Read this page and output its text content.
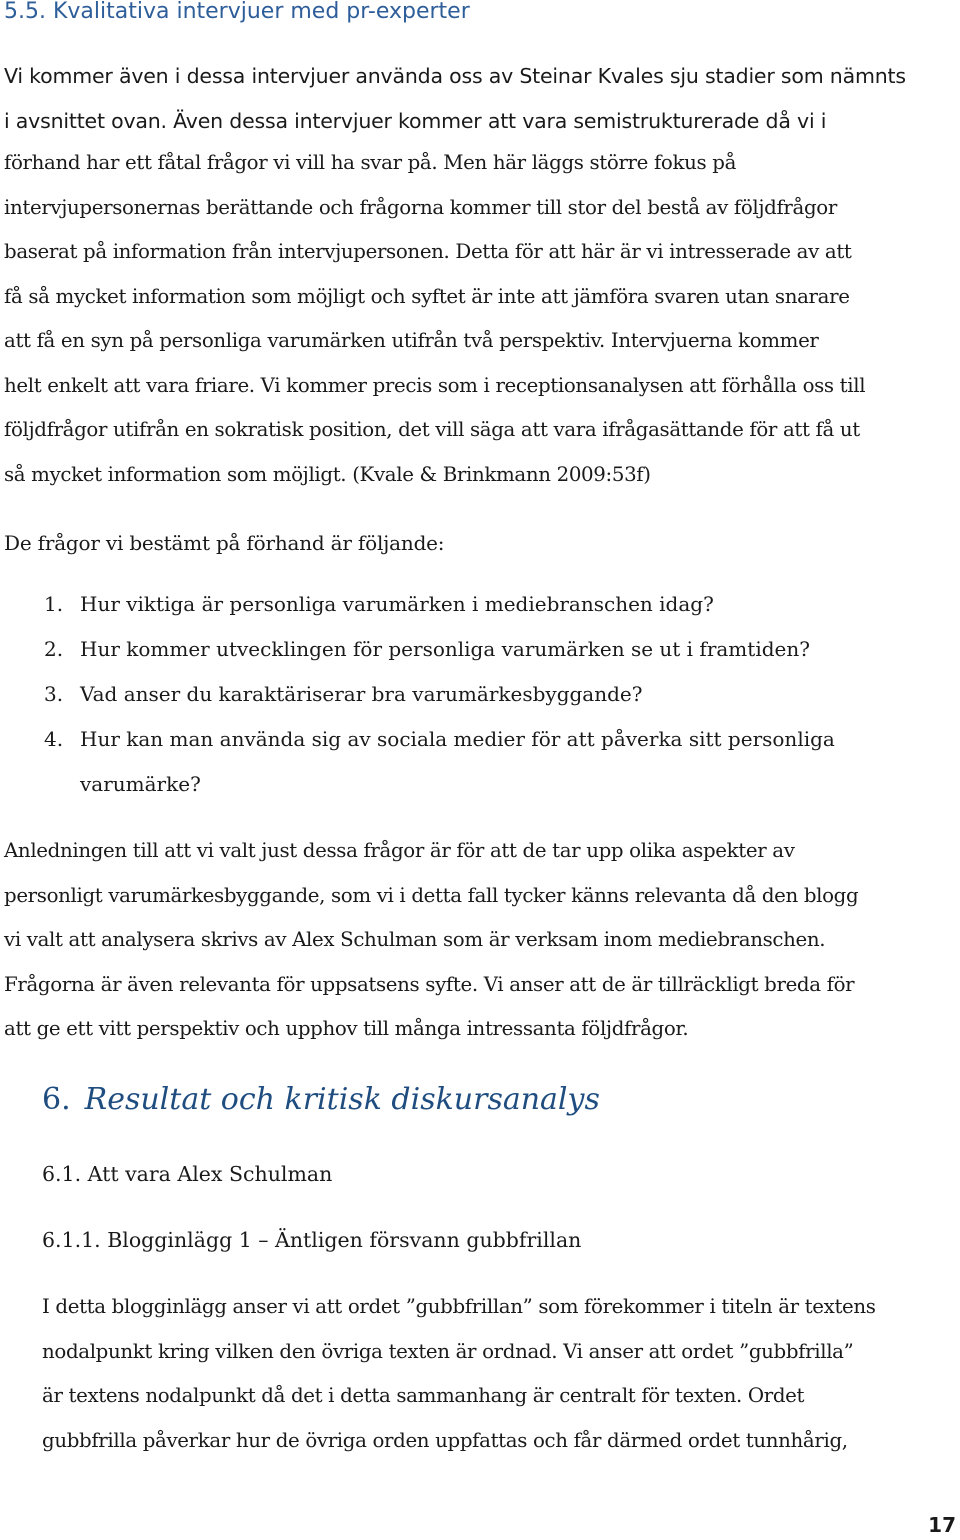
5.5. Kvalitativa intervjuer med pr-experter

Vi kommer även i dessa intervjuer använda oss av Steinar Kvales sju stadier som nämnts
i avsnittet ovan. Även dessa intervjuer kommer att vara semistrukturerade då vi i

förhand har ett fåtal frågor vi vill ha svar på. Men här läggs större fokus på
intervjupersonernas berättande och frågorna kommer till stor del bestå av följdfrågor
baserat på information från intervjupersonen. Detta för att här är vi intresserade av att
få så mycket information som möjligt och syftet är inte att jämföra svaren utan snarare
att få en syn på personliga varumärken utifrån två perspektiv. Intervjuerna kommer
helt enkelt att vara friare. Vi kommer precis som i receptionsanalysen att förhålla oss till
följdfrågor utifrån en sokratisk position, det vill säga att vara ifrågasättande för att få ut
så mycket information som möjligt. (Kvale & Brinkmann 2009:53f)

De frågor vi bestämt på förhand är följande:

1. Hur viktiga är personliga varumärken i mediebranschen idag?
2. Hur kommer utvecklingen för personliga varumärken se ut i framtiden?
3. Vad anser du karaktäriserar bra varumärkesbyggande?
4. Hur kan man använda sig av sociala medier för att påverka sitt personliga
varumärke?

Anledningen till att vi valt just dessa frågor är för att de tar upp olika aspekter av
personligt varumärkesbyggande, som vi i detta fall tycker känns relevanta då den blogg
vi valt att analysera skrivs av Alex Schulman som är verksam inom mediebranschen.
Frågorna är även relevanta för uppsatsens syfte. Vi anser att de är tillräckligt breda för
att ge ett vitt perspektiv och upphov till många intressanta följdfrågor.

6. Resultat och kritisk diskursanalys
6.1. Att vara Alex Schulman
6.1.1. Blogginlägg 1 – Äntligen försvann gubbfrillan

I detta blogginlägg anser vi att ordet ”gubbfrillan” som förekommer i titeln är textens
nodalpunkt kring vilken den övriga texten är ordnad. Vi anser att ordet ”gubbfrilla”
är textens nodalpunkt då det i detta sammanhang är centralt för texten. Ordet
gubbfrilla påverkar hur de övriga orden uppfattas och får därmed ordet tunnhårig,

17
